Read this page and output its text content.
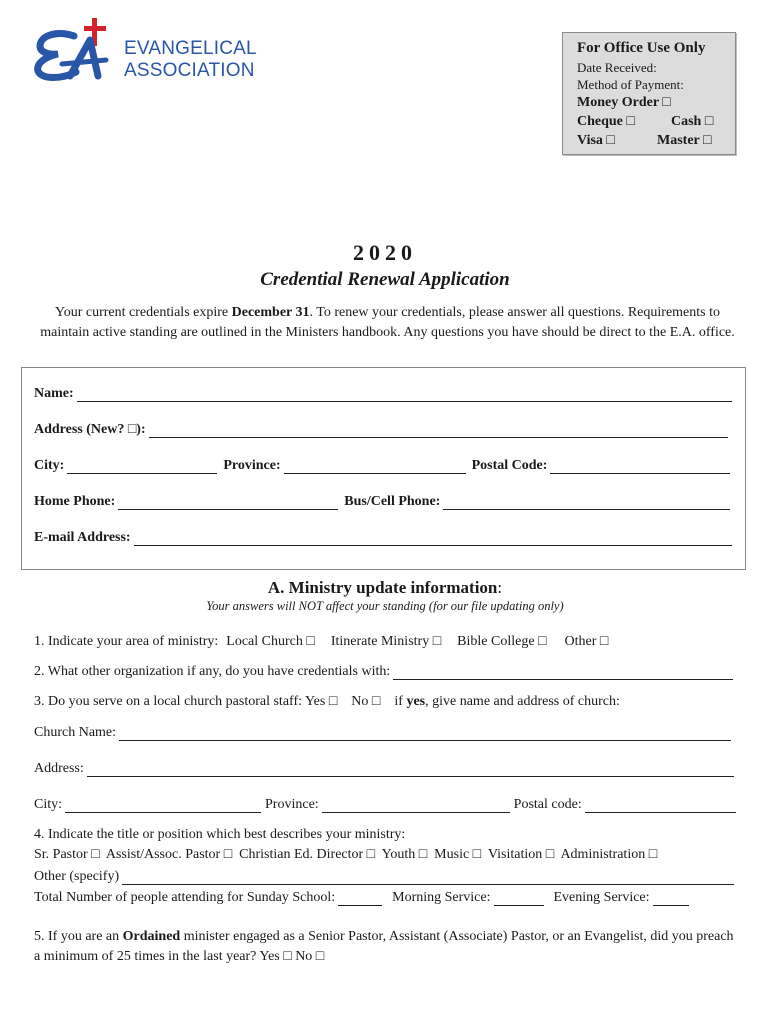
EVANGELICAL
ASSOCIATION
For Office Use Only
Date Received:
Method of Payment:
Money Order □
Cheque □	Cash □
Visa □	Master □
2020
Credential Renewal Application
Your current credentials expire December 31. To renew your credentials, please answer all questions. Requirements to maintain active standing are outlined in the Ministers handbook. Any questions you have should be direct to the E.A. office.
Name:
Address (New? □):
City:	Province:	Postal Code:
Home Phone:	Bus/Cell Phone:
E-mail Address:
A. Ministry update information:
Your answers will NOT affect your standing (for our file updating only)
1. Indicate your area of ministry: Local Church □ Itinerate Ministry □ Bible College □ Other □
2. What other organization if any, do you have credentials with:
3. Do you serve on a local church pastoral staff: Yes □ No □ if yes, give name and address of church:
Church Name:
Address:
City:	Province:	Postal code:
4. Indicate the title or position which best describes your ministry:
Sr. Pastor □  Assist/Assoc. Pastor □  Christian Ed. Director □  Youth □  Music □  Visitation □  Administration □
Other (specify)
Total Number of people attending for Sunday School:	Morning Service:	Evening Service:
5. If you are an Ordained minister engaged as a Senior Pastor, Assistant (Associate) Pastor, or an Evangelist, did you preach a minimum of 25 times in the last year? Yes □ No □
